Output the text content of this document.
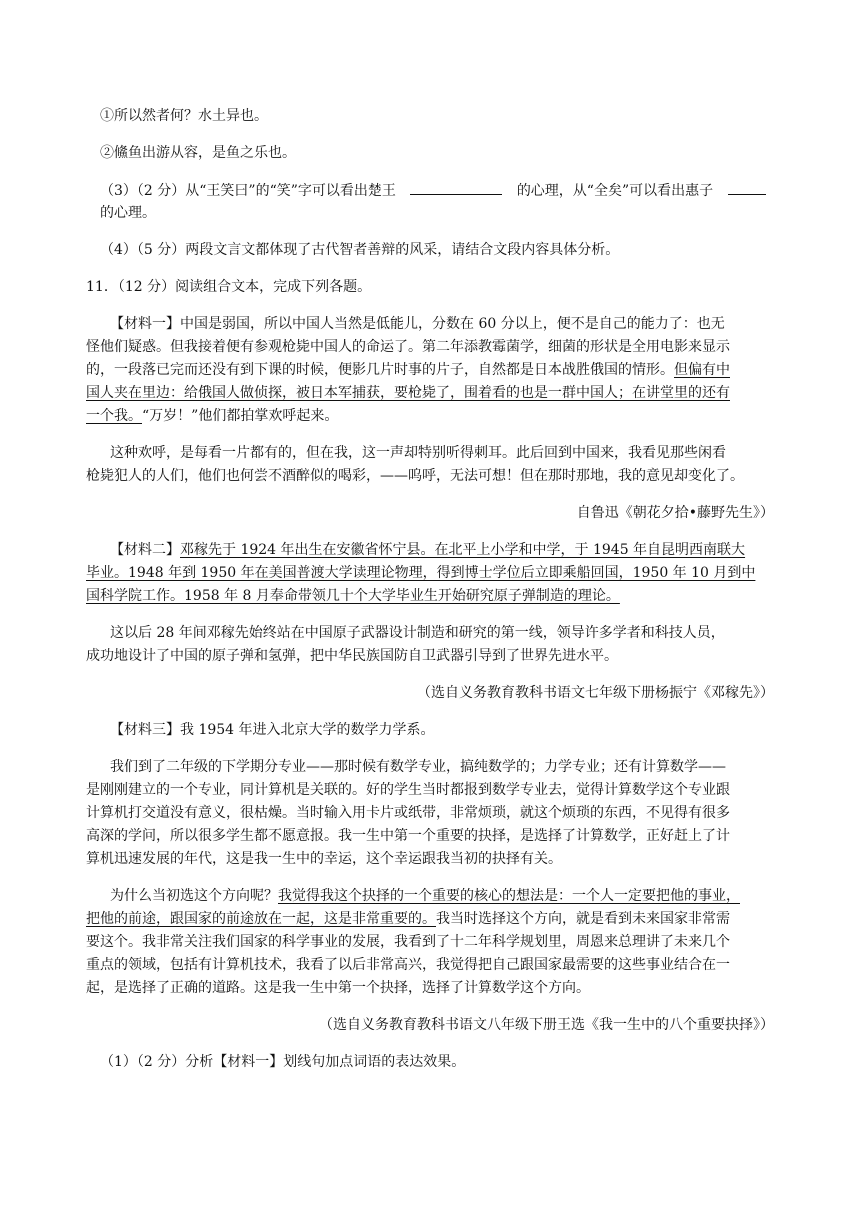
①所以然者何？水土异也。
②鯈鱼出游从容，是鱼之乐也。
（3）（2 分）从“王笑曰”的“笑”字可以看出楚王	的心理，从“全矣”可以看出惠子
的心理。
（4）（5 分）两段文言文都体现了古代智者善辩的风采，请结合文段内容具体分析。
11．（12 分）阅读组合文本，完成下列各题。
【材料一】中国是弱国，所以中国人当然是低能儿，分数在 60 分以上，便不是自己的能力了：也无
怪他们疑惑。但我接着便有参观枪毙中国人的命运了。第二年添教霉菌学，细菌的形状是全用电影来显示
的，一段落已完而还没有到下课的时候，便影几片时事的片子，自然都是日本战胜俄国的情形。但偏有中
国人夹在里边：给俄国人做侦探，被日本军捕获，要枪毙了，围着看的也是一群中国人；在讲堂里的还有
一个我。“万岁！”他们都拍掌欢呼起来。
这种欢呼，是每看一片都有的，但在我，这一声却特别听得刺耳。此后回到中国来，我看见那些闲看
枪毙犯人的人们，他们也何尝不酒醉似的喝彩，——呜呼，无法可想！但在那时那地，我的意见却变化了。
自鲁迅《朝花夕拾•藤野先生》）
【材料二】邓稼先于 1924 年出生在安徽省怀宁县。在北平上小学和中学，于 1945 年自昆明西南联大
毕业。1948 年到 1950 年在美国普渡大学读理论物理，得到博士学位后立即乘船回国，1950 年 10 月到中
国科学院工作。1958 年 8 月奉命带领几十个大学毕业生开始研究原子弹制造的理论。
这以后 28 年间邓稼先始终站在中国原子武器设计制造和研究的第一线，领导许多学者和科技人员，
成功地设计了中国的原子弹和氢弹，把中华民族国防自卫武器引导到了世界先进水平。
（选自义务教育教科书语文七年级下册杨振宁《邓稼先》）
【材料三】我 1954 年进入北京大学的数学力学系。
我们到了二年级的下学期分专业——那时候有数学专业，搞纯数学的；力学专业；还有计算数学——
是刚刚建立的一个专业，同计算机是关联的。好的学生当时都报到数学专业去，觉得计算数学这个专业跟
计算机打交道没有意义，很枯燥。当时输入用卡片或纸带，非常烦琐，就这个烦琐的东西，不见得有很多
高深的学问，所以很多学生都不愿意报。我一生中第一个重要的抉择，是选择了计算数学，正好赶上了计
算机迅速发展的年代，这是我一生中的幸运，这个幸运跟我当初的抉择有关。
为什么当初选这个方向呢？我觉得我这个抉择的一个重要的核心的想法是：一个人一定要把他的事业，
把他的前途，跟国家的前途放在一起，这是非常重要的。我当时选择这个方向，就是看到未来国家非常需
要这个。我非常关注我们国家的科学事业的发展，我看到了十二年科学规划里，周恩来总理讲了未来几个
重点的领域，包括有计算机技术，我看了以后非常高兴，我觉得把自己跟国家最需要的这些事业结合在一
起，是选择了正确的道路。这是我一生中第一个抉择，选择了计算数学这个方向。
（选自义务教育教科书语文八年级下册王选《我一生中的八个重要抉择》）
（1）（2 分）分析【材料一】划线句加点词语的表达效果。
